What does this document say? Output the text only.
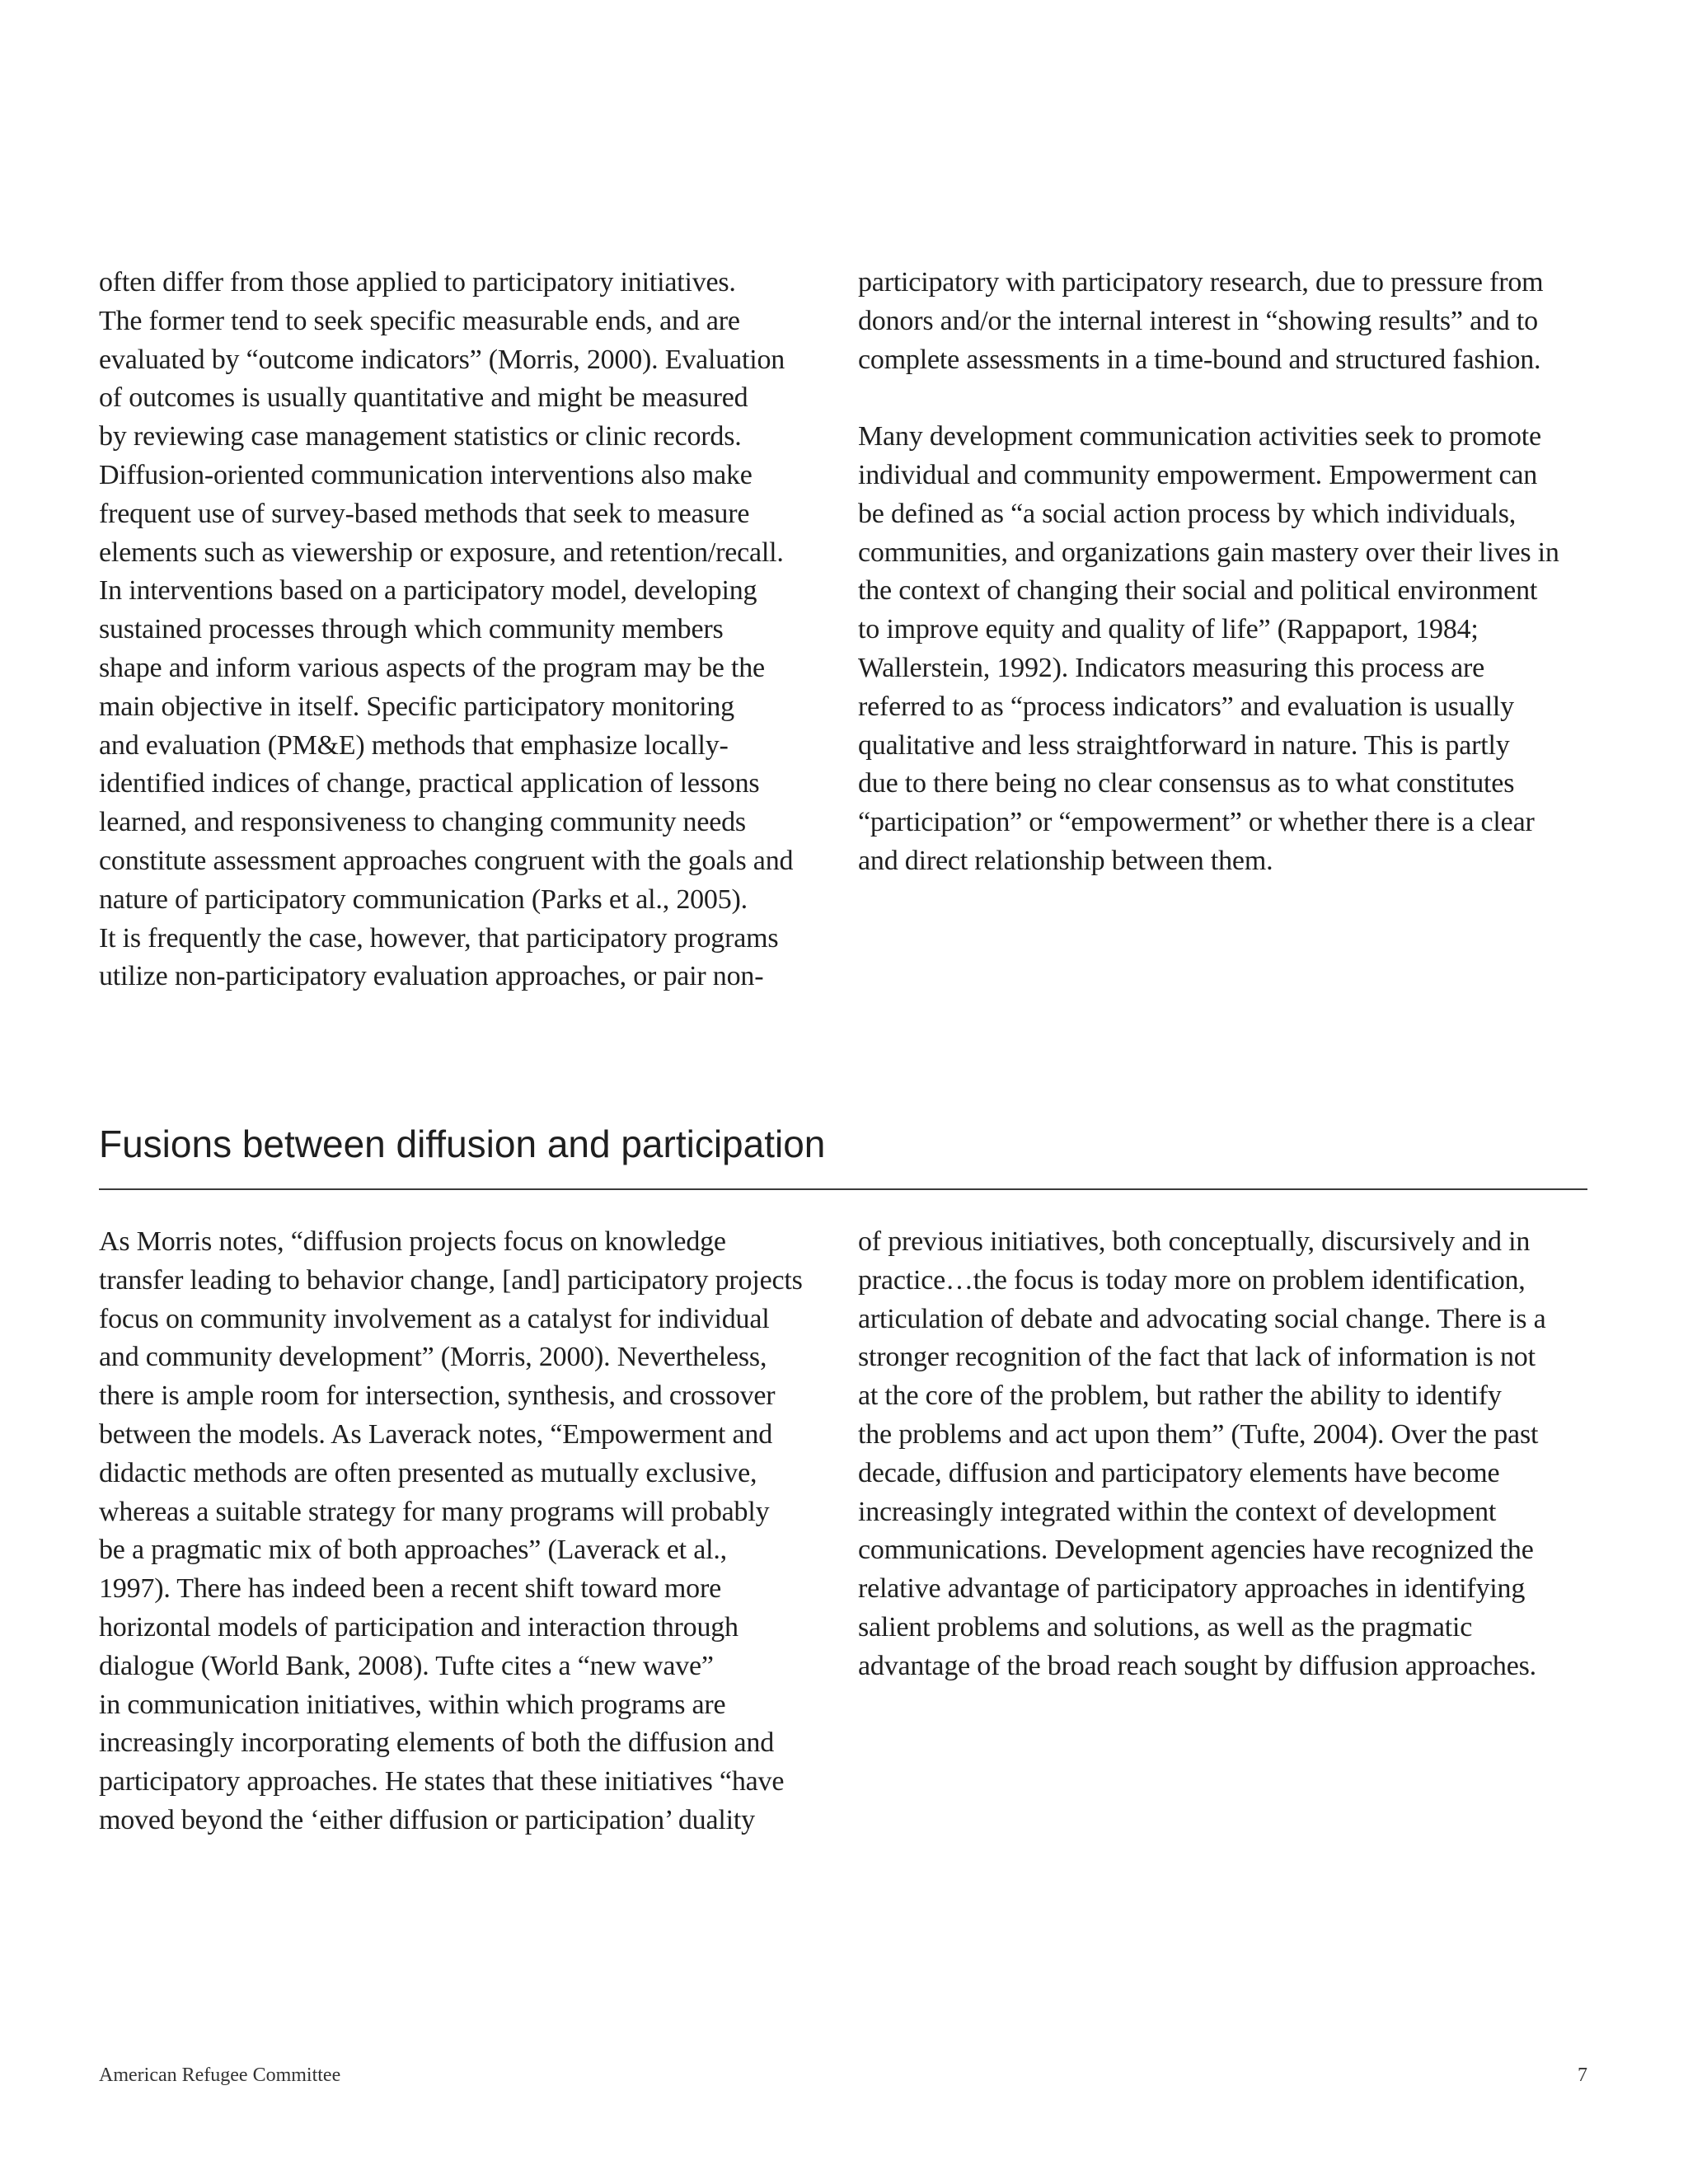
often differ from those applied to participatory initiatives.
The former tend to seek specific measurable ends, and are
evaluated by “outcome indicators” (Morris, 2000). Evaluation
of outcomes is usually quantitative and might be measured
by reviewing case management statistics or clinic records.
Diffusion-oriented communication interventions also make
frequent use of survey-based methods that seek to measure
elements such as viewership or exposure, and retention/recall.
In interventions based on a participatory model, developing
sustained processes through which community members
shape and inform various aspects of the program may be the
main objective in itself. Specific participatory monitoring
and evaluation (PM&E) methods that emphasize locally-
identified indices of change, practical application of lessons
learned, and responsiveness to changing community needs
constitute assessment approaches congruent with the goals and
nature of participatory communication (Parks et al., 2005).
It is frequently the case, however, that participatory programs
utilize non-participatory evaluation approaches, or pair non-
participatory with participatory research, due to pressure from
donors and/or the internal interest in “showing results” and to
complete assessments in a time-bound and structured fashion.
Many development communication activities seek to promote
individual and community empowerment. Empowerment can
be defined as “a social action process by which individuals,
communities, and organizations gain mastery over their lives in
the context of changing their social and political environment
to improve equity and quality of life” (Rappaport, 1984;
Wallerstein, 1992). Indicators measuring this process are
referred to as “process indicators” and evaluation is usually
qualitative and less straightforward in nature. This is partly
due to there being no clear consensus as to what constitutes
“participation” or “empowerment” or whether there is a clear
and direct relationship between them.
Fusions between diffusion and participation
As Morris notes, “diffusion projects focus on knowledge
transfer leading to behavior change, [and] participatory projects
focus on community involvement as a catalyst for individual
and community development” (Morris, 2000). Nevertheless,
there is ample room for intersection, synthesis, and crossover
between the models. As Laverack notes, “Empowerment and
didactic methods are often presented as mutually exclusive,
whereas a suitable strategy for many programs will probably
be a pragmatic mix of both approaches” (Laverack et al.,
1997). There has indeed been a recent shift toward more
horizontal models of participation and interaction through
dialogue (World Bank, 2008). Tufte cites a “new wave”
in communication initiatives, within which programs are
increasingly incorporating elements of both the diffusion and
participatory approaches. He states that these initiatives “have
moved beyond the ‘either diffusion or participation’ duality
of previous initiatives, both conceptually, discursively and in
practice…the focus is today more on problem identification,
articulation of debate and advocating social change. There is a
stronger recognition of the fact that lack of information is not
at the core of the problem, but rather the ability to identify
the problems and act upon them” (Tufte, 2004). Over the past
decade, diffusion and participatory elements have become
increasingly integrated within the context of development
communications. Development agencies have recognized the
relative advantage of participatory approaches in identifying
salient problems and solutions, as well as the pragmatic
advantage of the broad reach sought by diffusion approaches.
American Refugee Committee	7
